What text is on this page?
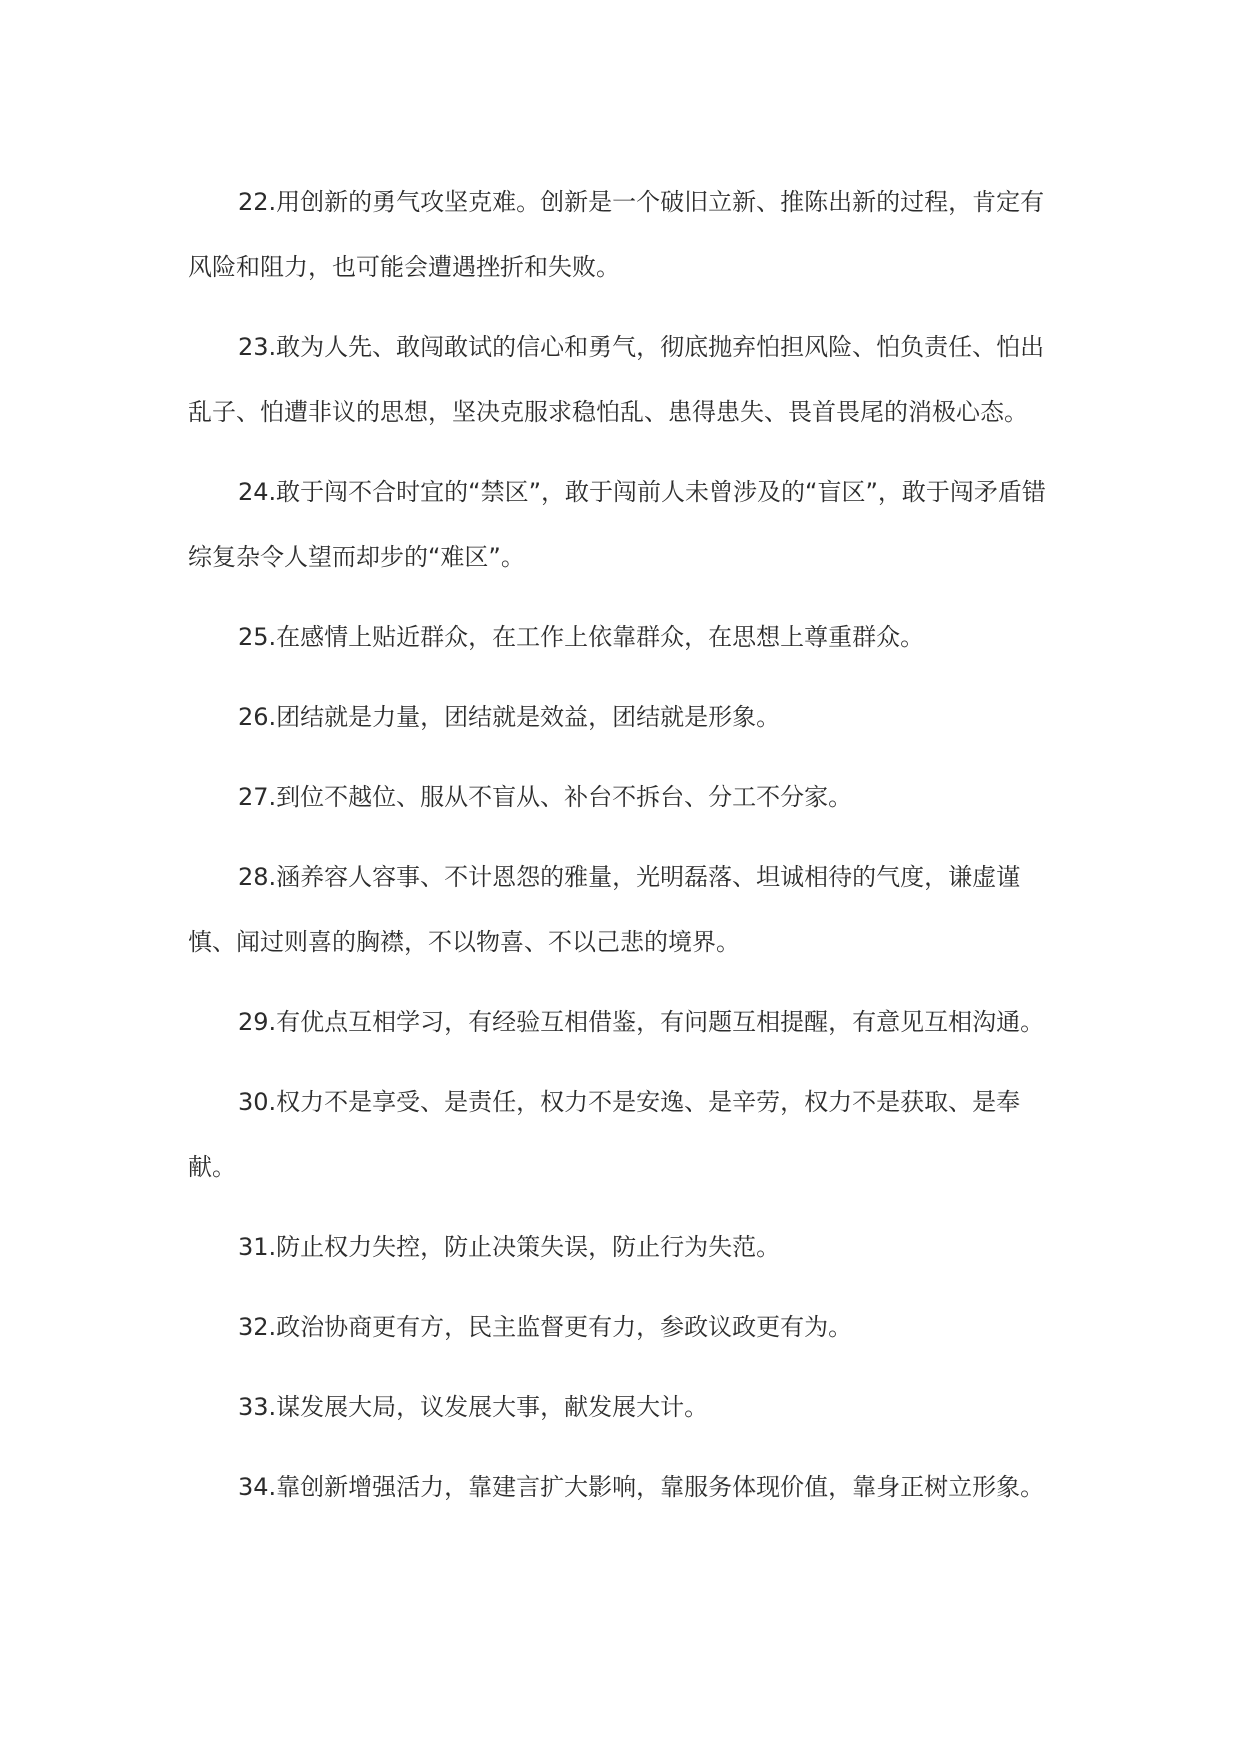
22.用创新的勇气攻坚克难。创新是一个破旧立新、推陈出新的过程，肯定有风险和阻力，也可能会遭遇挫折和失败。

23.敢为人先、敢闯敢试的信心和勇气，彻底抛弃怕担风险、怕负责任、怕出乱子、怕遭非议的思想，坚决克服求稳怕乱、患得患失、畏首畏尾的消极心态。

24.敢于闯不合时宜的“禁区”，敢于闯前人未曾涉及的“盲区”，敢于闯矛盾错综复杂令人望而却步的“难区”。

25.在感情上贴近群众，在工作上依靠群众，在思想上尊重群众。

26.团结就是力量，团结就是效益，团结就是形象。

27.到位不越位、服从不盲从、补台不拆台、分工不分家。

28.涵养容人容事、不计恩怨的雅量，光明磊落、坦诚相待的气度，谦虚谨慎、闻过则喜的胸襟，不以物喜、不以己悲的境界。

29.有优点互相学习，有经验互相借鉴，有问题互相提醒，有意见互相沟通。

30.权力不是享受、是责任，权力不是安逸、是辛劳，权力不是获取、是奉献。

31.防止权力失控，防止决策失误，防止行为失范。

32.政治协商更有方，民主监督更有力，参政议政更有为。

33.谋发展大局，议发展大事，献发展大计。

34.靠创新增强活力，靠建言扩大影响，靠服务体现价值，靠身正树立形象。
